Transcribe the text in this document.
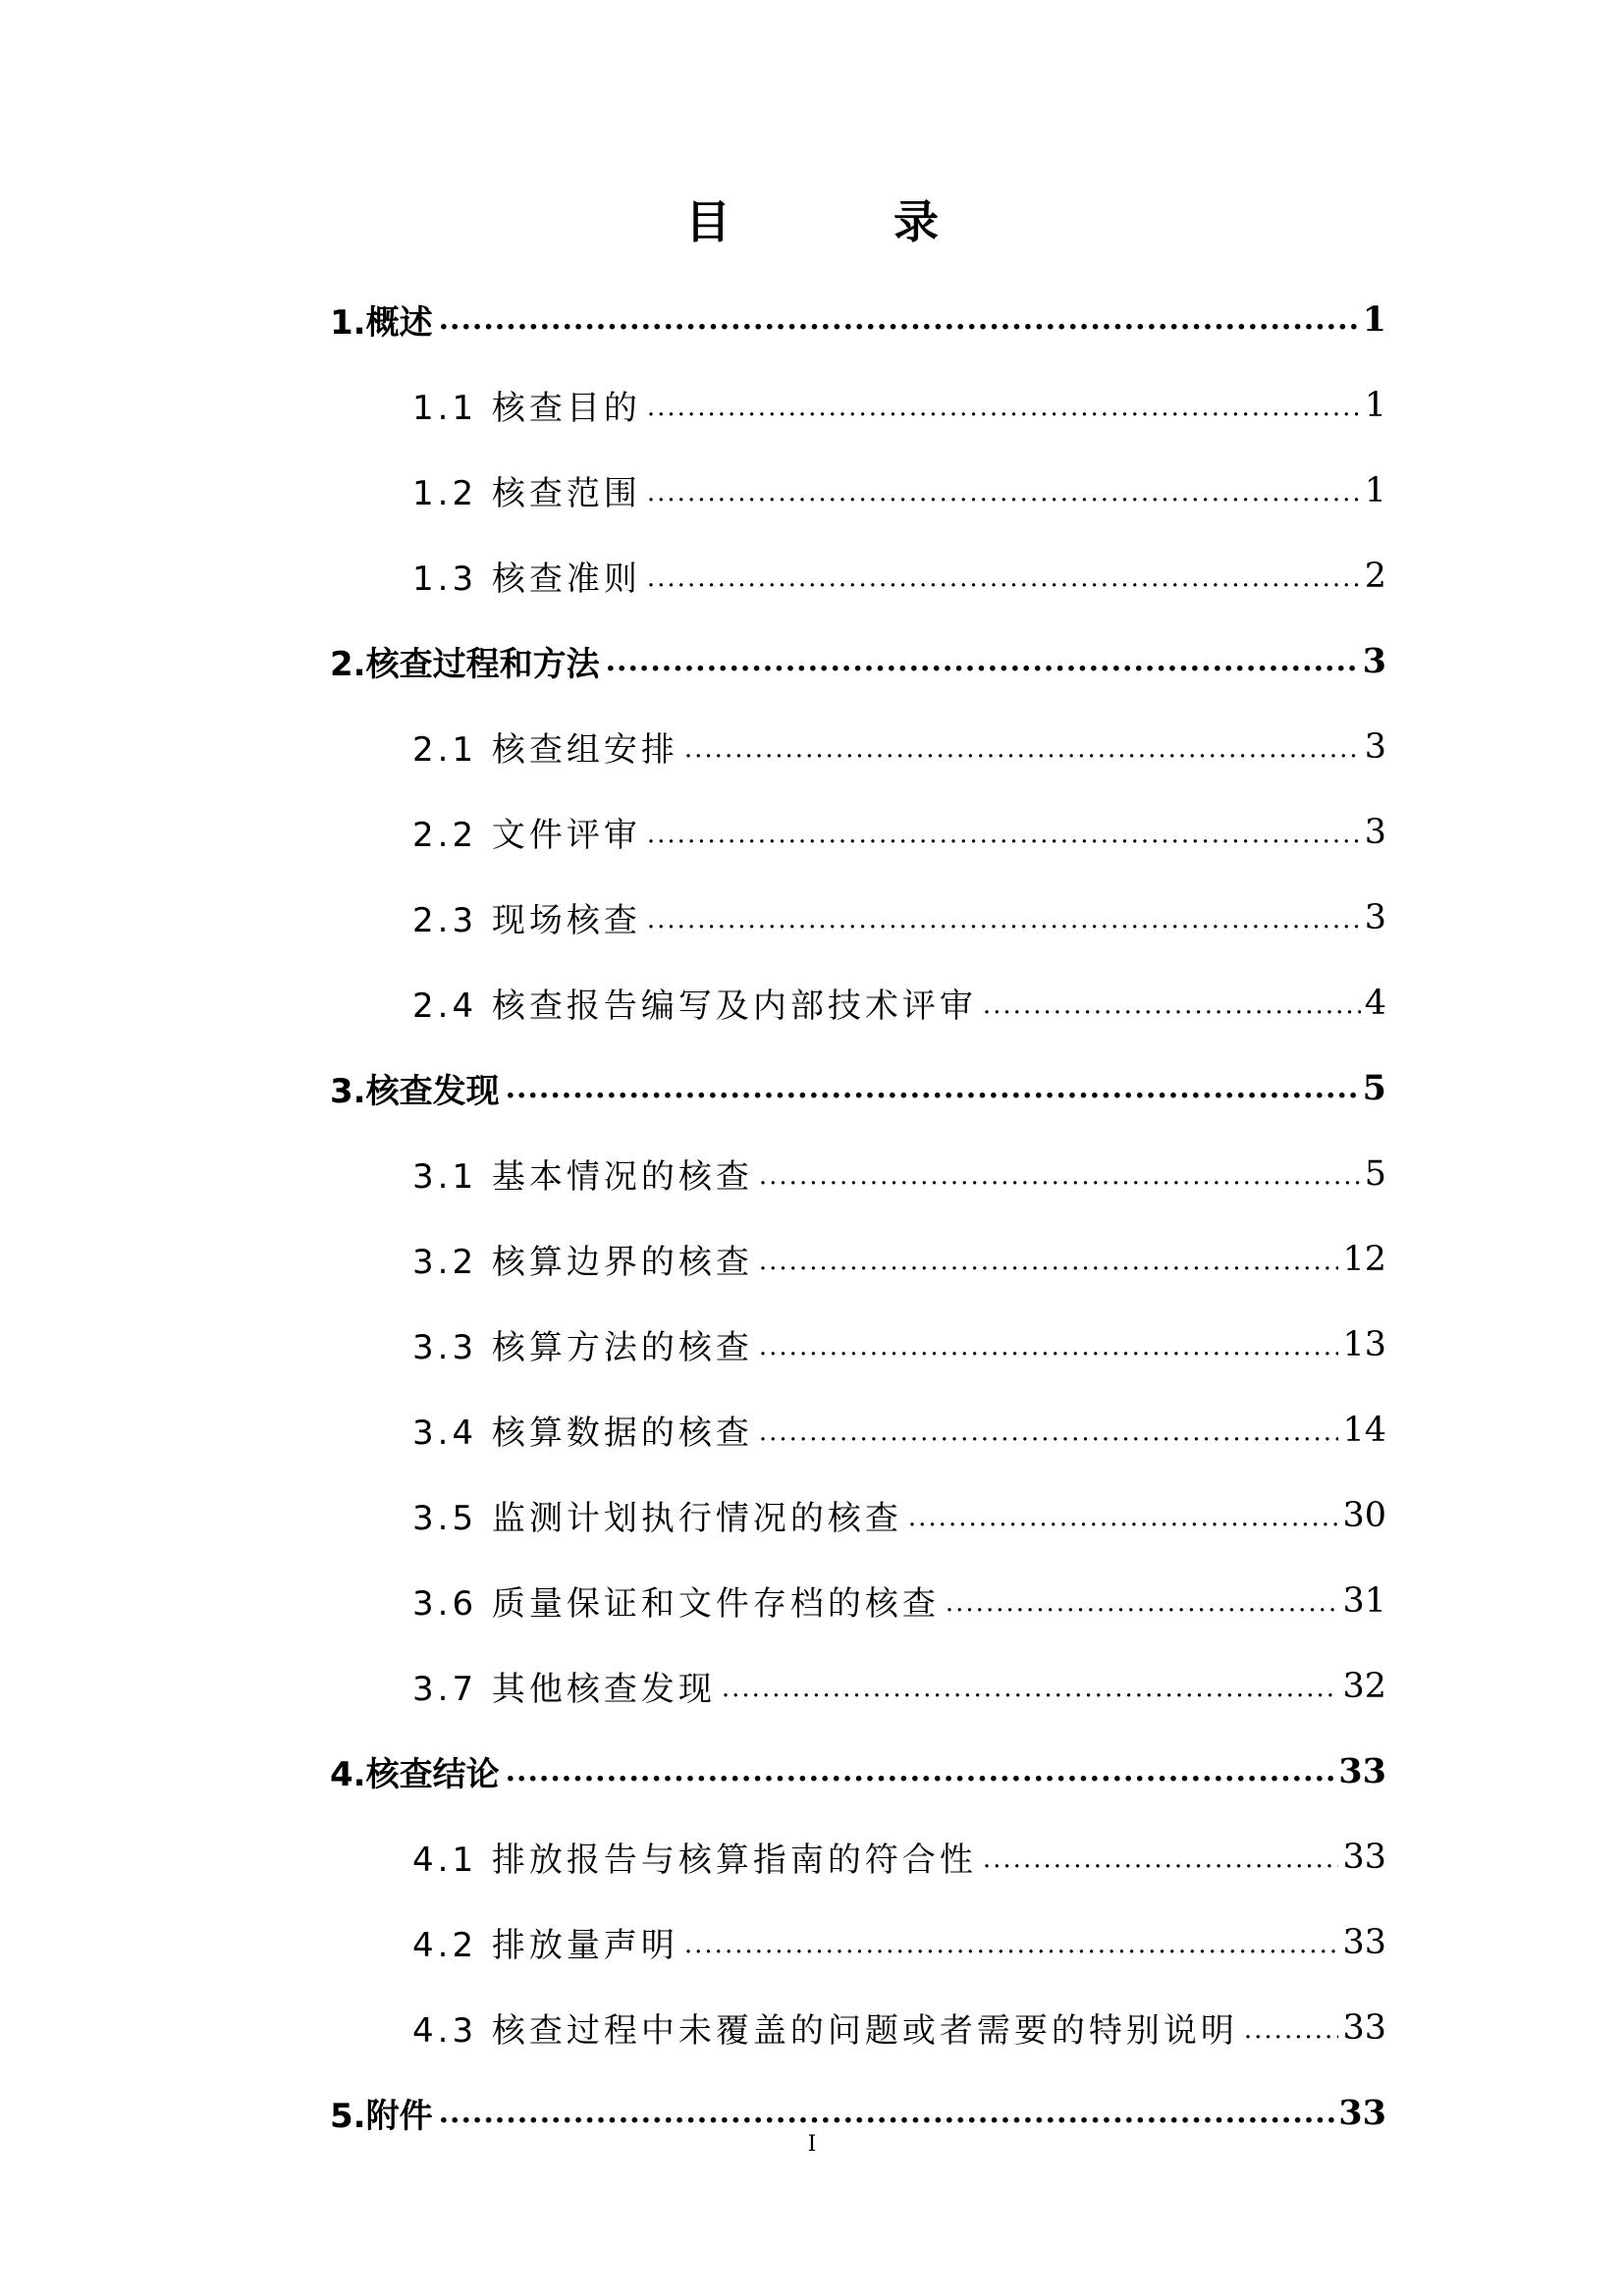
目　录
1.概述 .....	1
1.1 核查目的 .....	1
1.2 核查范围 .....	1
1.3 核查准则 .....	2
2.核查过程和方法 .....	3
2.1 核查组安排 .....	3
2.2 文件评审 .....	3
2.3 现场核查 .....	3
2.4 核查报告编写及内部技术评审 .....	4
3.核查发现 .....	5
3.1 基本情况的核查 .....	5
3.2 核算边界的核查 .....	12
3.3 核算方法的核查 .....	13
3.4 核算数据的核查 .....	14
3.5 监测计划执行情况的核查 .....	30
3.6 质量保证和文件存档的核查 .....	31
3.7 其他核查发现 .....	32
4.核查结论 .....	33
4.1 排放报告与核算指南的符合性 .....	33
4.2 排放量声明 .....	33
4.3 核查过程中未覆盖的问题或者需要的特别说明 .....	33
5.附件 .....	33
I
